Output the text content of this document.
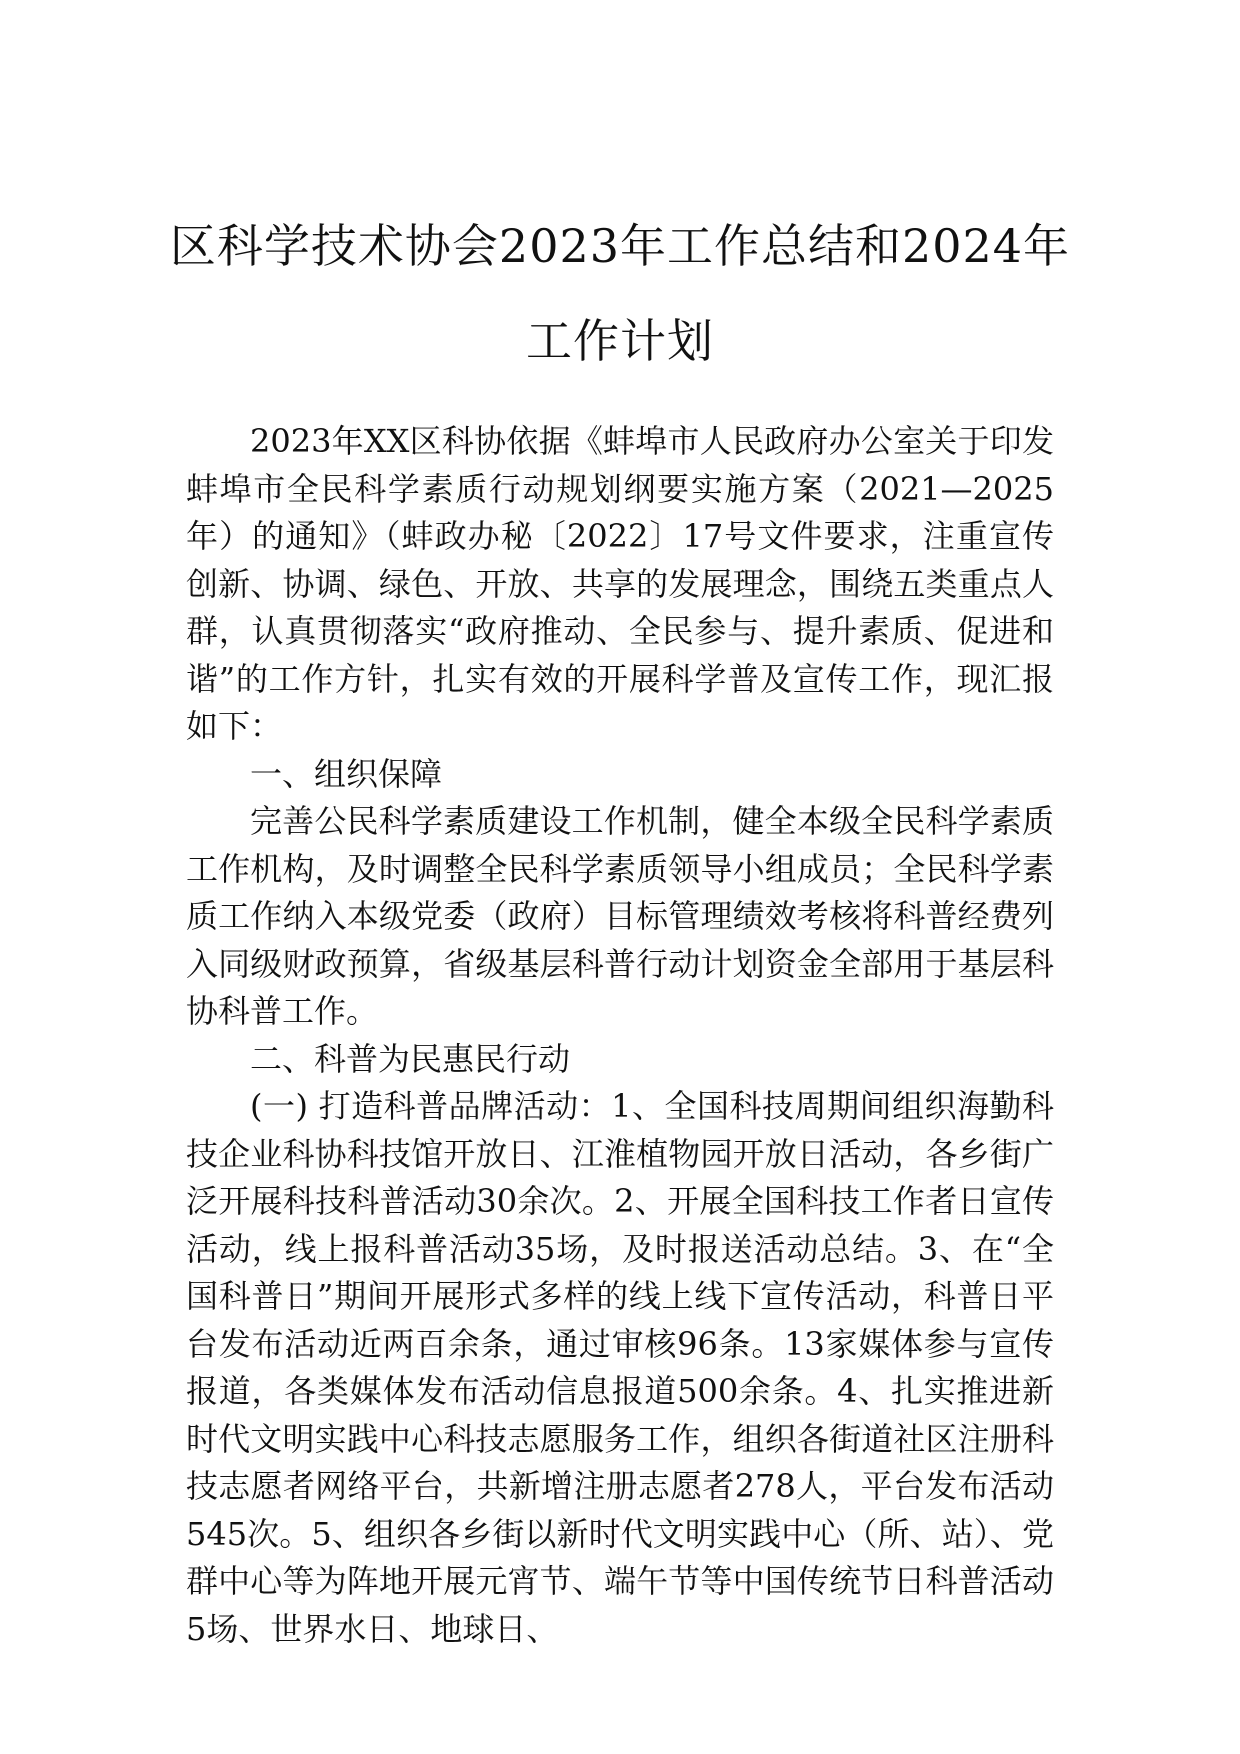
区科学技术协会2023年工作总结和2024年
工作计划

2023年XX区科协依据《蚌埠市人民政府办公室关于印发蚌埠市全民科学素质行动规划纲要实施方案（2021—2025年）的通知》（蚌政办秘〔2022〕17号文件要求，注重宣传创新、协调、绿色、开放、共享的发展理念，围绕五类重点人群，认真贯彻落实“政府推动、全民参与、提升素质、促进和谐”的工作方针，扎实有效的开展科学普及宣传工作，现汇报如下：

一、组织保障

完善公民科学素质建设工作机制，健全本级全民科学素质工作机构，及时调整全民科学素质领导小组成员；全民科学素质工作纳入本级党委（政府）目标管理绩效考核将科普经费列入同级财政预算，省级基层科普行动计划资金全部用于基层科协科普工作。

二、科普为民惠民行动

(一) 打造科普品牌活动：1、全国科技周期间组织海勤科技企业科协科技馆开放日、江淮植物园开放日活动，各乡街广泛开展科技科普活动30余次。2、开展全国科技工作者日宣传活动，线上报科普活动35场，及时报送活动总结。3、在“全国科普日”期间开展形式多样的线上线下宣传活动，科普日平台发布活动近两百余条，通过审核96条。13家媒体参与宣传报道，各类媒体发布活动信息报道500余条。4、扎实推进新时代文明实践中心科技志愿服务工作，组织各街道社区注册科技志愿者网络平台，共新增注册志愿者278人，平台发布活动545次。5、组织各乡街以新时代文明实践中心（所、站）、党群中心等为阵地开展元宵节、端午节等中国传统节日科普活动5场、世界水日、地球日、
